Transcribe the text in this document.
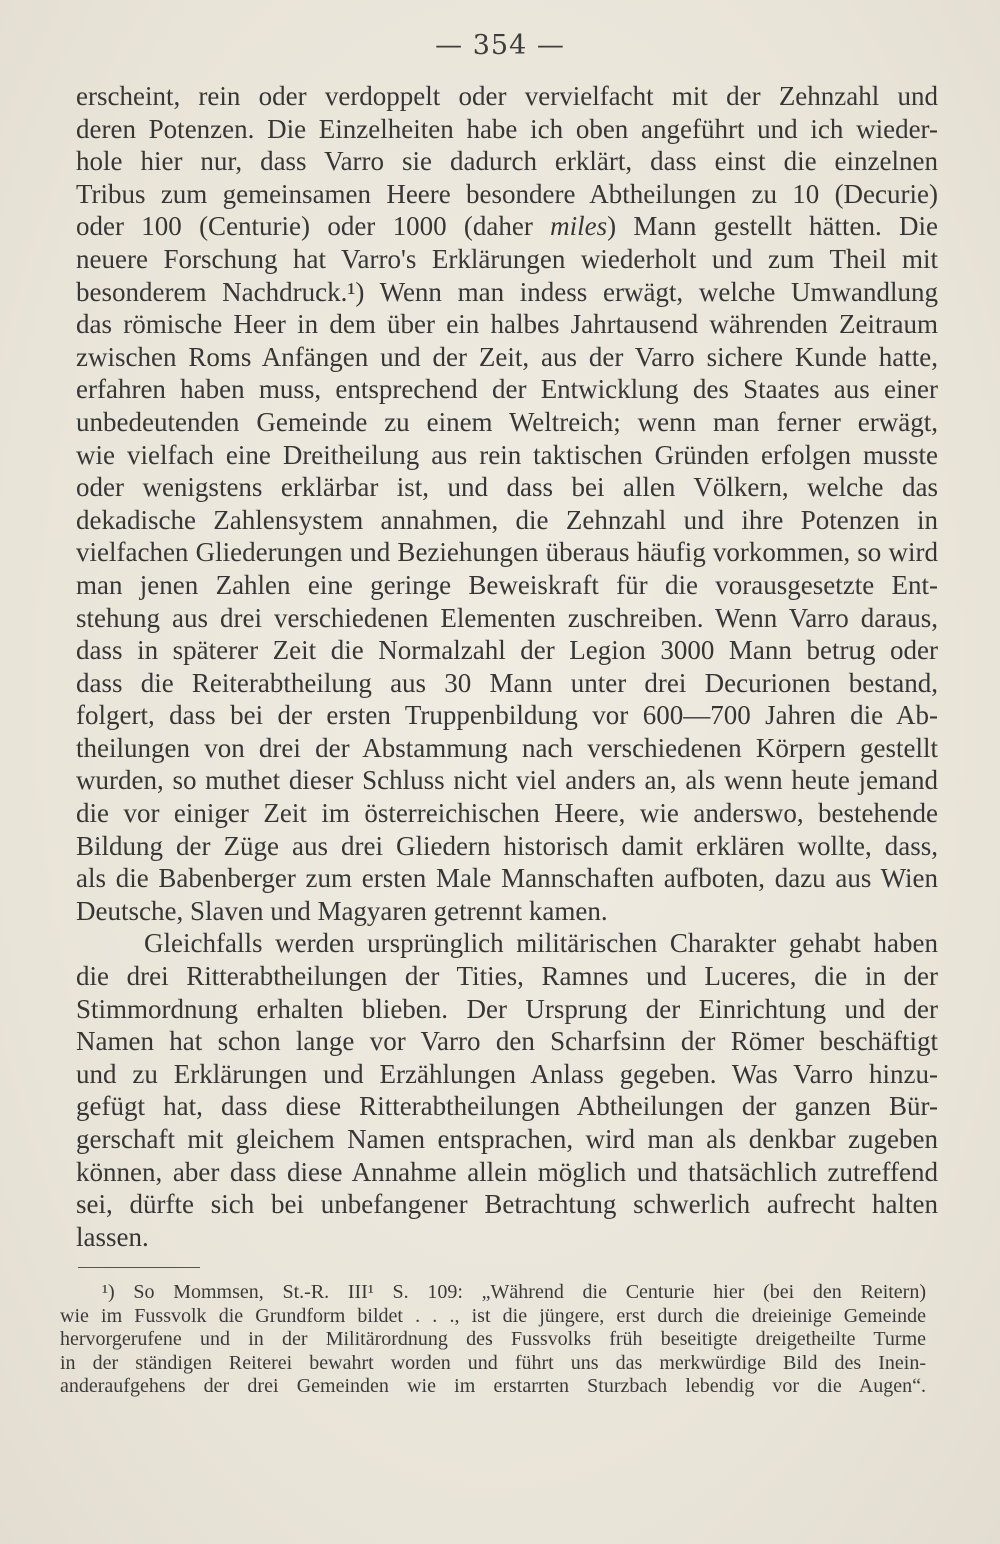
— 354 —
erscheint, rein oder verdoppelt oder vervielfacht mit der Zehnzahl und
deren Potenzen. Die Einzelheiten habe ich oben angeführt und ich wieder-
hole hier nur, dass Varro sie dadurch erklärt, dass einst die einzelnen
Tribus zum gemeinsamen Heere besondere Abtheilungen zu 10 (Decurie)
oder 100 (Centurie) oder 1000 (daher miles) Mann gestellt hätten. Die
neuere Forschung hat Varro's Erklärungen wiederholt und zum Theil mit
besonderem Nachdruck.¹) Wenn man indess erwägt, welche Umwandlung
das römische Heer in dem über ein halbes Jahrtausend währenden Zeitraum
zwischen Roms Anfängen und der Zeit, aus der Varro sichere Kunde hatte,
erfahren haben muss, entsprechend der Entwicklung des Staates aus einer
unbedeutenden Gemeinde zu einem Weltreich; wenn man ferner erwägt,
wie vielfach eine Dreitheilung aus rein taktischen Gründen erfolgen musste
oder wenigstens erklärbar ist, und dass bei allen Völkern, welche das
dekadische Zahlensystem annahmen, die Zehnzahl und ihre Potenzen in
vielfachen Gliederungen und Beziehungen überaus häufig vorkommen, so wird
man jenen Zahlen eine geringe Beweiskraft für die vorausgesetzte Ent-
stehung aus drei verschiedenen Elementen zuschreiben. Wenn Varro daraus,
dass in späterer Zeit die Normalzahl der Legion 3000 Mann betrug oder
dass die Reiterabtheilung aus 30 Mann unter drei Decurionen bestand,
folgert, dass bei der ersten Truppenbildung vor 600—700 Jahren die Ab-
theilungen von drei der Abstammung nach verschiedenen Körpern gestellt
wurden, so muthet dieser Schluss nicht viel anders an, als wenn heute jemand
die vor einiger Zeit im österreichischen Heere, wie anderswo, bestehende
Bildung der Züge aus drei Gliedern historisch damit erklären wollte, dass,
als die Babenberger zum ersten Male Mannschaften aufboten, dazu aus Wien
Deutsche, Slaven und Magyaren getrennt kamen.
Gleichfalls werden ursprünglich militärischen Charakter gehabt haben
die drei Ritterabtheilungen der Tities, Ramnes und Luceres, die in der
Stimmordnung erhalten blieben. Der Ursprung der Einrichtung und der
Namen hat schon lange vor Varro den Scharfsinn der Römer beschäftigt
und zu Erklärungen und Erzählungen Anlass gegeben. Was Varro hinzu-
gefügt hat, dass diese Ritterabtheilungen Abtheilungen der ganzen Bür-
gerschaft mit gleichem Namen entsprachen, wird man als denkbar zugeben
können, aber dass diese Annahme allein möglich und thatsächlich zutreffend
sei, dürfte sich bei unbefangener Betrachtung schwerlich aufrecht halten
lassen.
¹) So Mommsen, St.-R. III¹ S. 109: „Während die Centurie hier (bei den Reitern)
wie im Fussvolk die Grundform bildet . . ., ist die jüngere, erst durch die dreieinige Gemeinde
hervorgerufene und in der Militärordnung des Fussvolks früh beseitigte dreigetheilte Turme
in der ständigen Reiterei bewahrt worden und führt uns das merkwürdige Bild des Inein-
anderaufgehens der drei Gemeinden wie im erstarrten Sturzbach lebendig vor die Augen“.
